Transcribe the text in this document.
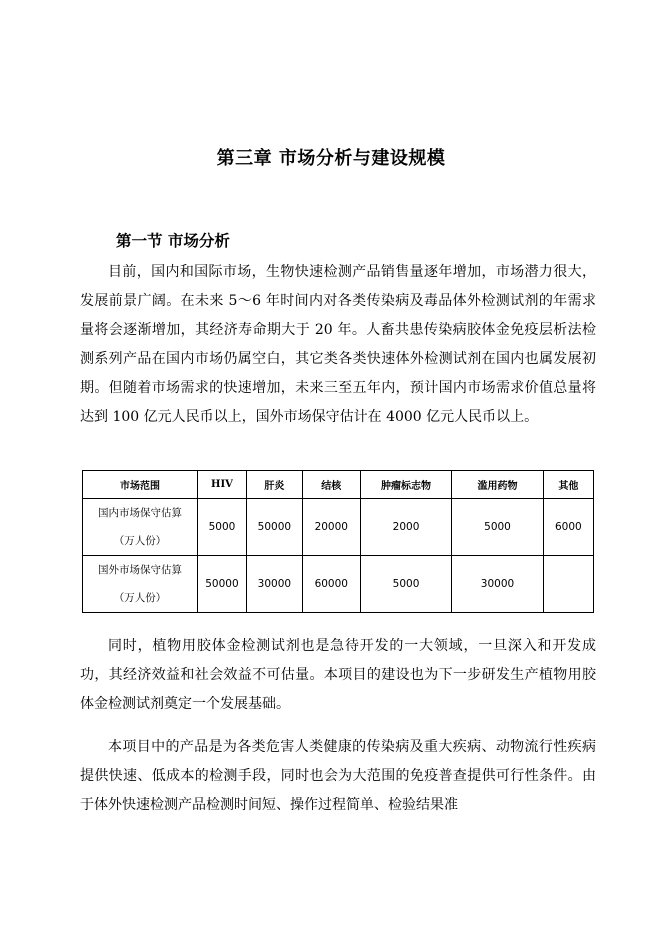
第三章 市场分析与建设规模
第一节 市场分析

目前，国内和国际市场，生物快速检测产品销售量逐年增加，市场潜力很大，发展前景广阔。在未来 5～6 年时间内对各类传染病及毒品体外检测试剂的年需求量将会逐渐增加，其经济寿命期大于 20 年。人畜共患传染病胶体金免疫层析法检测系列产品在国内市场仍属空白，其它类各类快速体外检测试剂在国内也属发展初期。但随着市场需求的快速增加，未来三至五年内，预计国内市场需求价值总量将达到 100 亿元人民币以上，国外市场保守估计在 4000 亿元人民币以上。

市场范围	HIV	肝炎	结核	肿瘤标志物	滥用药物	其他

国内市场保守估算
（万人份）	5000	50000	20000	2000	5000	6000

国外市场保守估算
（万人份）	50000	30000	60000	5000	30000	

同时，植物用胶体金检测试剂也是急待开发的一大领域，一旦深入和开发成功，其经济效益和社会效益不可估量。本项目的建设也为下一步研发生产植物用胶体金检测试剂奠定一个发展基础。

本项目中的产品是为各类危害人类健康的传染病及重大疾病、动物流行性疾病提供快速、低成本的检测手段，同时也会为大范围的免疫普查提供可行性条件。由于体外快速检测产品检测时间短、操作过程简单、检验结果准
